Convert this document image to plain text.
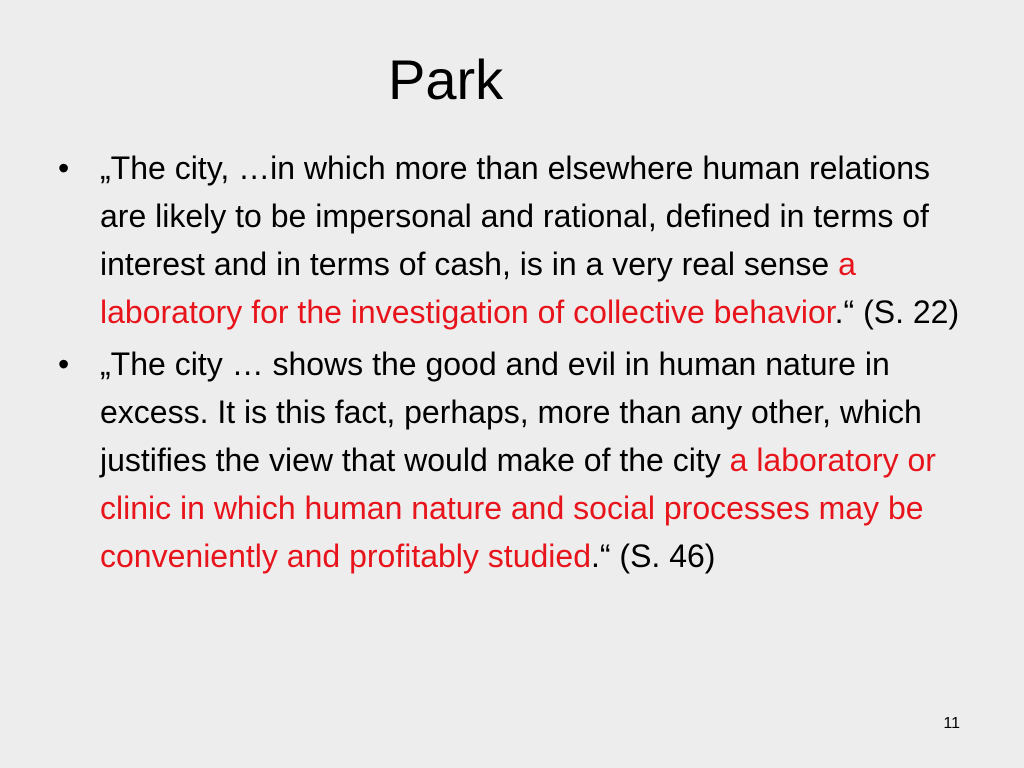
Park
• „The city, …in which more than elsewhere human relations are likely to be impersonal and rational, defined in terms of interest and in terms of cash, is in a very real sense a laboratory for the investigation of collective behavior.“ (S. 22)
• „The city … shows the good and evil in human nature in excess. It is this fact, perhaps, more than any other, which justifies the view that would make of the city a laboratory or clinic in which human nature and social processes may be conveniently and profitably studied.“ (S. 46)
11
